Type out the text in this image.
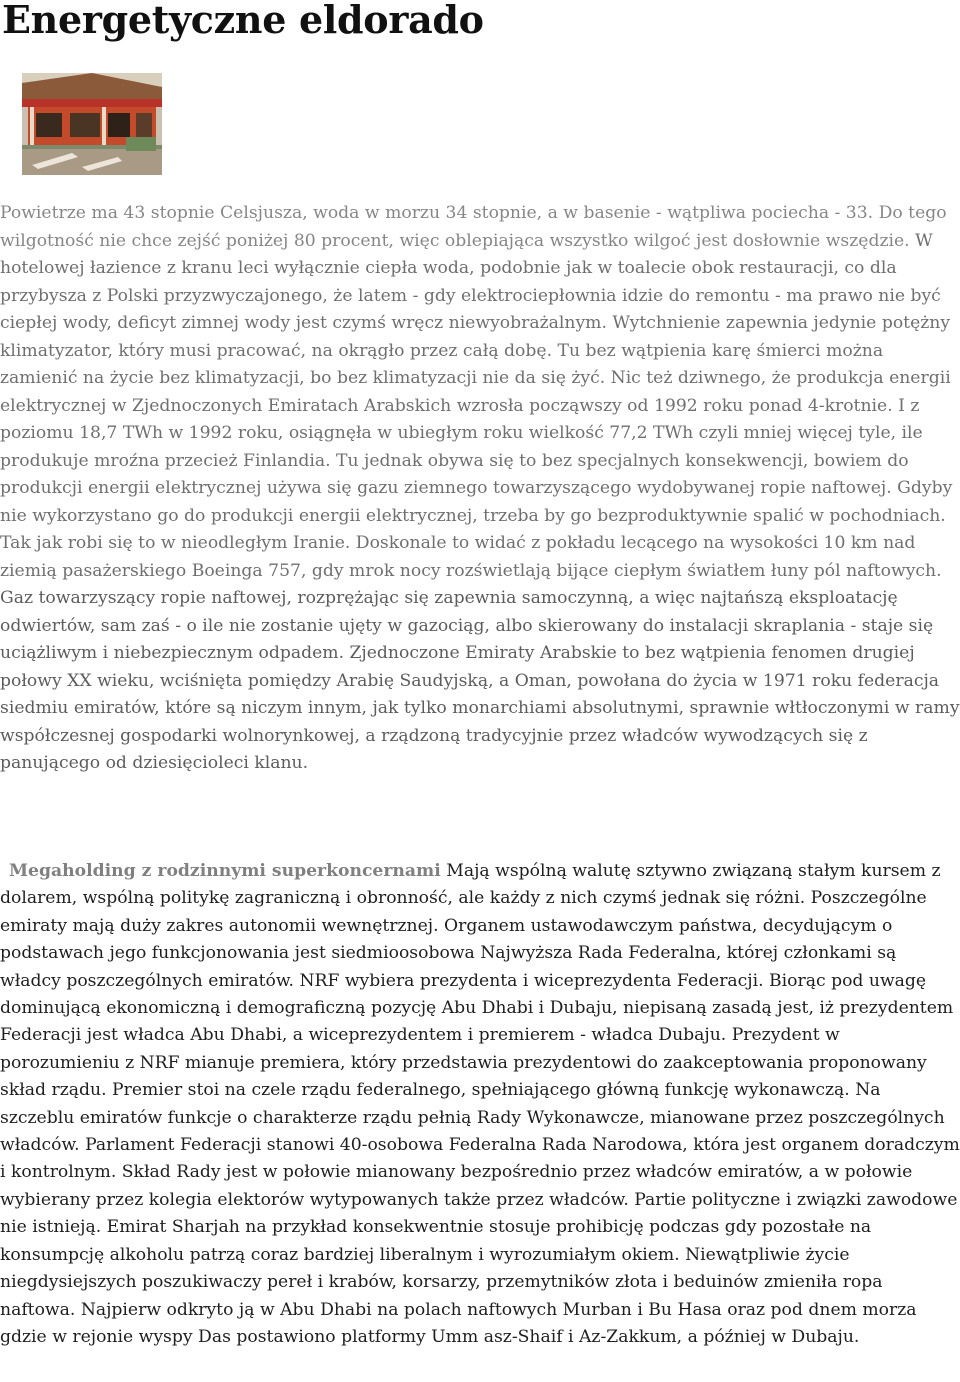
Energetyczne eldorado

Powietrze ma 43 stopnie Celsjusza, woda w morzu 34 stopnie, a w basenie - wątpliwa pociecha - 33. Do tego wilgotność nie chce zejść poniżej 80 procent, więc oblepiająca wszystko wilgoć jest dosłownie wszędzie. W hotelowej łazience z kranu leci wyłącznie ciepła woda, podobnie jak w toalecie obok restauracji, co dla przybysza z Polski przyzwyczajonego, że latem - gdy elektrociepłownia idzie do remontu - ma prawo nie być ciepłej wody, deficyt zimnej wody jest czymś wręcz niewyobrażalnym. Wytchnienie zapewnia jedynie potężny klimatyzator, który musi pracować, na okrągło przez całą dobę. Tu bez wątpienia karę śmierci można zamienić na życie bez klimatyzacji, bo bez klimatyzacji nie da się żyć. Nic też dziwnego, że produkcja energii elektrycznej w Zjednoczonych Emiratach Arabskich wzrosła począwszy od 1992 roku ponad 4-krotnie. I z poziomu 18,7 TWh w 1992 roku, osiągnęła w ubiegłym roku wielkość 77,2 TWh czyli mniej więcej tyle, ile produkuje mroźna przecież Finlandia. Tu jednak obywa się to bez specjalnych konsekwencji, bowiem do produkcji energii elektrycznej używa się gazu ziemnego towarzyszącego wydobywanej ropie naftowej. Gdyby nie wykorzystano go do produkcji energii elektrycznej, trzeba by go bezproduktywnie spalić w pochodniach. Tak jak robi się to w nieodległym Iranie. Doskonale to widać z pokładu lecącego na wysokości 10 km nad ziemią pasażerskiego Boeinga 757, gdy mrok nocy rozświetlają bijące ciepłym światłem łuny pól naftowych. Gaz towarzyszący ropie naftowej, rozprężając się zapewnia samoczynną, a więc najtańszą eksploatację odwiertów, sam zaś - o ile nie zostanie ujęty w gazociąg, albo skierowany do instalacji skraplania - staje się uciążliwym i niebezpiecznym odpadem. Zjednoczone Emiraty Arabskie to bez wątpienia fenomen drugiej połowy XX wieku, wciśnięta pomiędzy Arabię Saudyjską, a Oman, powołana do życia w 1971 roku federacja siedmiu emiratów, które są niczym innym, jak tylko monarchiami absolutnymi, sprawnie włtłoczonymi w ramy współczesnej gospodarki wolnorynkowej, a rządzoną tradycyjnie przez władców wywodzących się z panującego od dziesięcioleci klanu.

Megaholding z rodzinnymi superkoncernami Mają wspólną walutę sztywno związaną stałym kursem z dolarem, wspólną politykę zagraniczną i obronność, ale każdy z nich czymś jednak się różni. Poszczególne emiraty mają duży zakres autonomii wewnętrznej. Organem ustawodawczym państwa, decydującym o podstawach jego funkcjonowania jest siedmioosobowa Najwyższa Rada Federalna, której członkami są władcy poszczególnych emiratów. NRF wybiera prezydenta i wiceprezydenta Federacji. Biorąc pod uwagę dominującą ekonomiczną i demograficzną pozycję Abu Dhabi i Dubaju, niepisaną zasadą jest, iż prezydentem Federacji jest władca Abu Dhabi, a wiceprezydentem i premierem - władca Dubaju. Prezydent w porozumieniu z NRF mianuje premiera, który przedstawia prezydentowi do zaakceptowania proponowany skład rządu. Premier stoi na czele rządu federalnego, spełniającego główną funkcję wykonawczą. Na szczeblu emiratów funkcje o charakterze rządu pełnią Rady Wykonawcze, mianowane przez poszczególnych władców. Parlament Federacji stanowi 40-osobowa Federalna Rada Narodowa, która jest organem doradczym i kontrolnym. Skład Rady jest w połowie mianowany bezpośrednio przez władców emiratów, a w połowie wybierany przez kolegia elektorów wytypowanych także przez władców. Partie polityczne i związki zawodowe nie istnieją. Emirat Sharjah na przykład konsekwentnie stosuje prohibicję podczas gdy pozostałe na konsumpcję alkoholu patrzą coraz bardziej liberalnym i wyrozumiałym okiem. Niewątpliwie życie niegdysiejszych poszukiwaczy pereł i krabów, korsarzy, przemytników złota i beduinów zmieniła ropa naftowa. Najpierw odkryto ją w Abu Dhabi na polach naftowych Murban i Bu Hasa oraz pod dnem morza gdzie w rejonie wyspy Das postawiono platformy Umm asz-Shaif i Az-Zakkum, a później w Dubaju.
